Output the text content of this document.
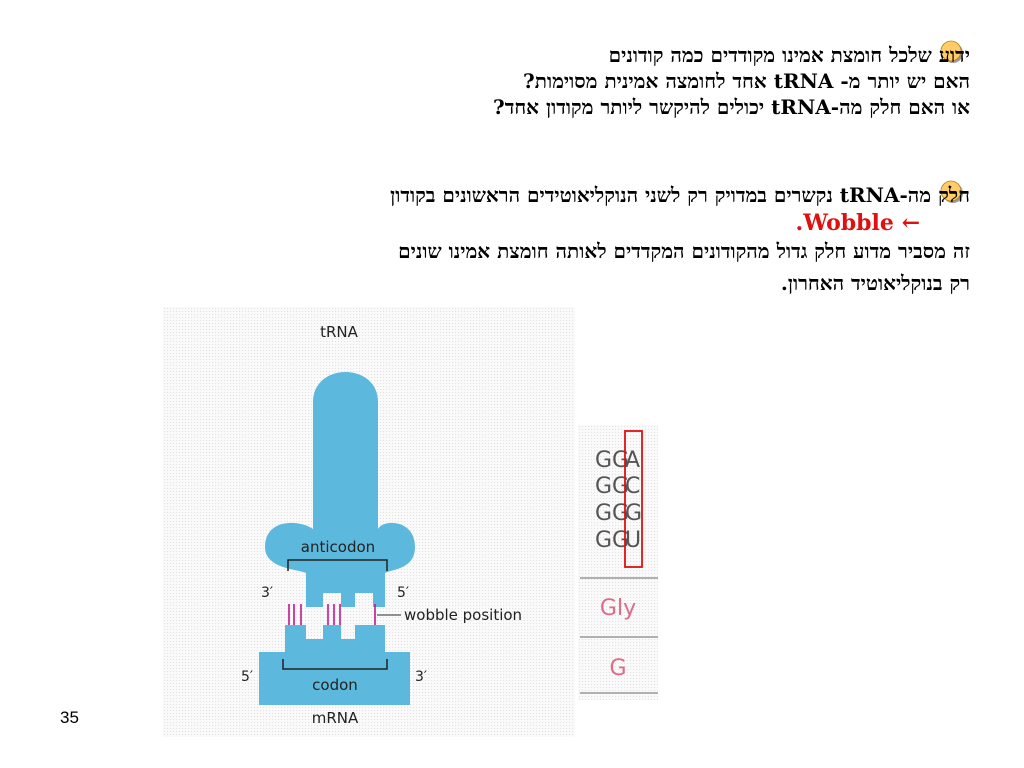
ידוע שלכל חומצת אמינו מקודדים כמה קודונים

האם יש יותר מ- tRNA אחד לחומצה אמינית מסוימות?

או האם חלק מה-tRNA יכולים להיקשר ליותר מקודון אחד?

חלק מה-tRNA נקשרים במדויק רק לשני הנוקליאוטידים הראשונים בקודון

← Wobble.

זה מסביר מדוע חלק גדול מהקודונים המקדדים לאותה חומצת אמינו שונים

רק בנוקליאוטיד האחרון.

anticodon
3′	5′
wobble position
codon
5′	3′
tRNA
mRNA
GG
A
GG
C
GG
G
GG
U
Gly
G
35
